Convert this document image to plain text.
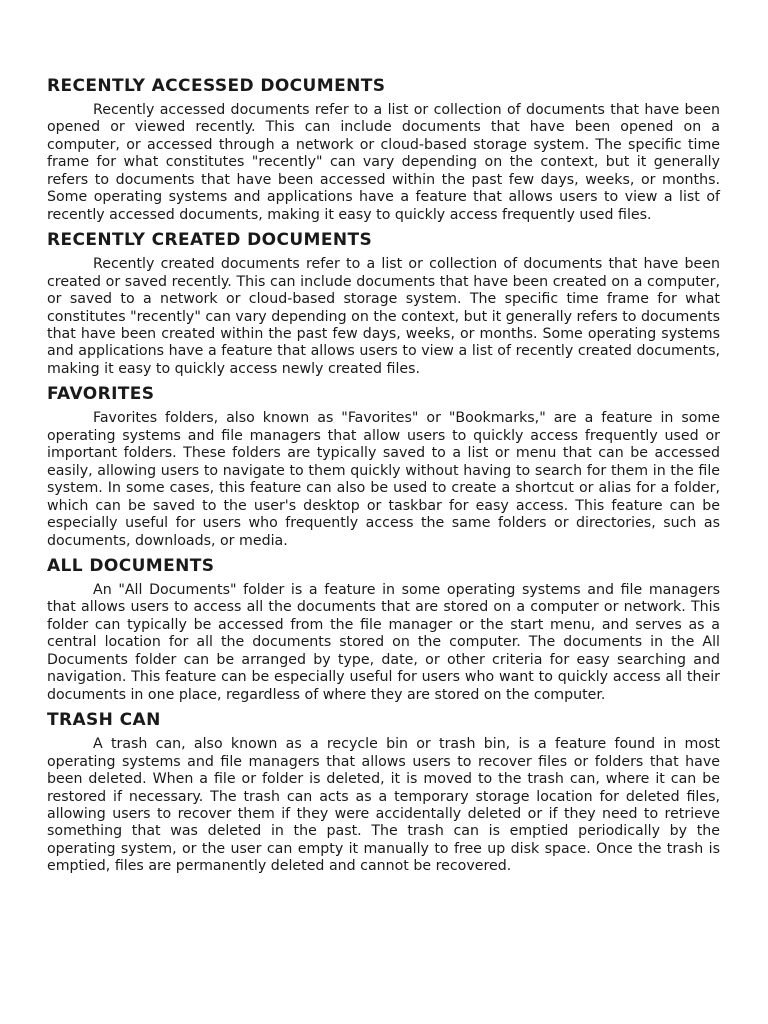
RECENTLY ACCESSED DOCUMENTS

Recently accessed documents refer to a list or collection of documents that have been opened or viewed recently. This can include documents that have been opened on a computer, or accessed through a network or cloud-based storage system. The specific time frame for what constitutes "recently" can vary depending on the context, but it generally refers to documents that have been accessed within the past few days, weeks, or months. Some operating systems and applications have a feature that allows users to view a list of recently accessed documents, making it easy to quickly access frequently used files.

RECENTLY CREATED DOCUMENTS

Recently created documents refer to a list or collection of documents that have been created or saved recently. This can include documents that have been created on a computer, or saved to a network or cloud-based storage system. The specific time frame for what constitutes "recently" can vary depending on the context, but it generally refers to documents that have been created within the past few days, weeks, or months. Some operating systems and applications have a feature that allows users to view a list of recently created documents, making it easy to quickly access newly created files.

FAVORITES

Favorites folders, also known as "Favorites" or "Bookmarks," are a feature in some operating systems and file managers that allow users to quickly access frequently used or important folders. These folders are typically saved to a list or menu that can be accessed easily, allowing users to navigate to them quickly without having to search for them in the file system. In some cases, this feature can also be used to create a shortcut or alias for a folder, which can be saved to the user's desktop or taskbar for easy access. This feature can be especially useful for users who frequently access the same folders or directories, such as documents, downloads, or media.

ALL DOCUMENTS

An "All Documents" folder is a feature in some operating systems and file managers that allows users to access all the documents that are stored on a computer or network. This folder can typically be accessed from the file manager or the start menu, and serves as a central location for all the documents stored on the computer. The documents in the All Documents folder can be arranged by type, date, or other criteria for easy searching and navigation. This feature can be especially useful for users who want to quickly access all their documents in one place, regardless of where they are stored on the computer.

TRASH CAN

A trash can, also known as a recycle bin or trash bin, is a feature found in most operating systems and file managers that allows users to recover files or folders that have been deleted. When a file or folder is deleted, it is moved to the trash can, where it can be restored if necessary. The trash can acts as a temporary storage location for deleted files, allowing users to recover them if they were accidentally deleted or if they need to retrieve something that was deleted in the past. The trash can is emptied periodically by the operating system, or the user can empty it manually to free up disk space. Once the trash is emptied, files are permanently deleted and cannot be recovered.
